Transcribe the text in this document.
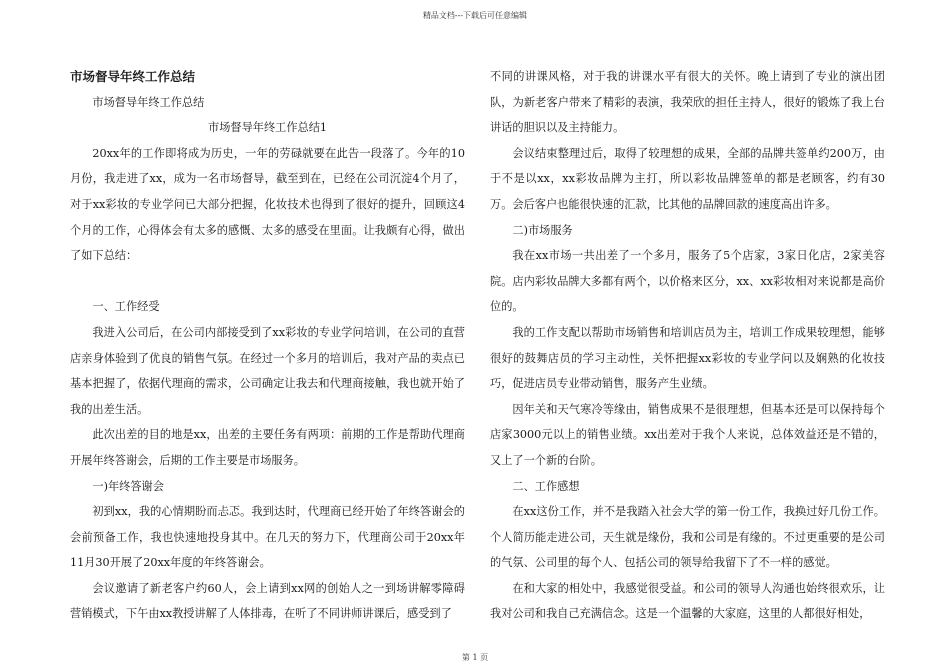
精品文档---下载后可任意编辑

市场督导年终工作总结

市场督导年终工作总结

市场督导年终工作总结1

20xx年的工作即将成为历史，一年的劳碌就要在此告一段落了。今年的10月份，我走进了xx，成为一名市场督导，截至到在，已经在公司沉淀4个月了，对于xx彩妆的专业学问已大部分把握，化妆技术也得到了很好的提升，回顾这4个月的工作，心得体会有太多的感慨、太多的感受在里面。让我颇有心得，做出了如下总结：

一、工作经受

我进入公司后，在公司内部接受到了xx彩妆的专业学问培训，在公司的直营店亲身体验到了优良的销售气氛。在经过一个多月的培训后，我对产品的卖点已基本把握了，依据代理商的需求，公司确定让我去和代理商接触，我也就开始了我的出差生活。

此次出差的目的地是xx，出差的主要任务有两项：前期的工作是帮助代理商开展年终答谢会，后期的工作主要是市场服务。

一)年终答谢会

初到xx，我的心情期盼而忐忑。我到达时，代理商已经开始了年终答谢会的会前预备工作，我也快速地投身其中。在几天的努力下，代理商公司于20xx年11月30开展了20xx年度的年终答谢会。

会议邀请了新老客户约60人，会上请到xx网的创始人之一到场讲解零障碍营销模式，下午由xx教授讲解了人体排毒，在听了不同讲师讲课后，感受到了

不同的讲课风格，对于我的讲课水平有很大的关怀。晚上请到了专业的演出团队，为新老客户带来了精彩的表演，我荣欣的担任主持人，很好的锻炼了我上台讲话的胆识以及主持能力。

会议结束整理过后，取得了较理想的成果，全部的品牌共签单约200万，由于不是以xx，xx彩妆品牌为主打，所以彩妆品牌签单的都是老顾客，约有30万。会后客户也能很快速的汇款，比其他的品牌回款的速度高出许多。

二)市场服务

我在xx市场一共出差了一个多月，服务了5个店家，3家日化店，2家美容院。店内彩妆品牌大多都有两个，以价格来区分，xx、xx彩妆相对来说都是高价位的。

我的工作支配以帮助市场销售和培训店员为主，培训工作成果较理想，能够很好的鼓舞店员的学习主动性，关怀把握xx彩妆的专业学问以及娴熟的化妆技巧，促进店员专业带动销售，服务产生业绩。

因年关和天气寒冷等缘由，销售成果不是很理想，但基本还是可以保持每个店家3000元以上的销售业绩。xx出差对于我个人来说，总体效益还是不错的，又上了一个新的台阶。

二、工作感想

在xx这份工作，并不是我踏入社会大学的第一份工作，我换过好几份工作。个人简历能走进公司，天生就是缘份，我和公司是有缘的。不过更重要的是公司的气氛、公司里的每个人、包括公司的领导给我留下了不一样的感觉。

在和大家的相处中，我感觉很受益。和公司的领导人沟通也始终很欢乐，让我对公司和我自己充满信念。这是一个温馨的大家庭，这里的人都很好相处，

第 1 页
